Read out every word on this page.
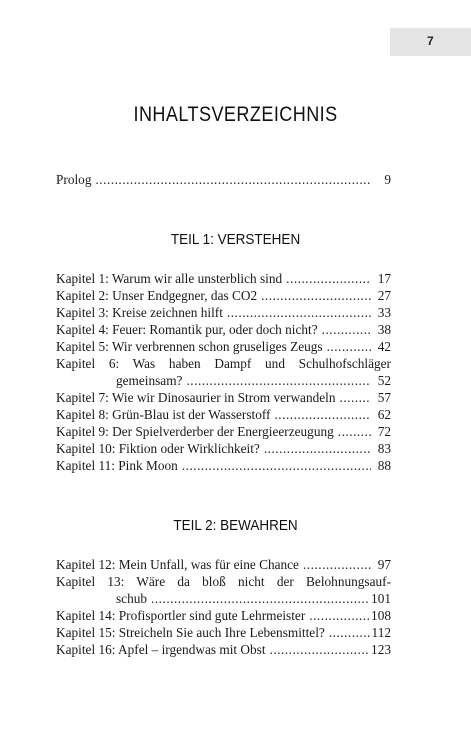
7
INHALTSVERZEICHNIS
Prolog .....	9
TEIL 1: VERSTEHEN
Kapitel 1: Warum wir alle unsterblich sind .....	17
Kapitel 2: Unser Endgegner, das CO2 .....	27
Kapitel 3: Kreise zeichnen hilft .....	33
Kapitel 4: Feuer: Romantik pur, oder doch nicht? .....	38
Kapitel 5: Wir verbrennen schon gruseliges Zeugs .....	42
Kapitel 6: Was haben Dampf und Schulhofschläger
gemeinsam? .....	52
Kapitel 7: Wie wir Dinosaurier in Strom verwandeln .....	57
Kapitel 8: Grün-Blau ist der Wasserstoff .....	62
Kapitel 9: Der Spielverderber der Energieerzeugung .....	72
Kapitel 10: Fiktion oder Wirklichkeit? .....	83
Kapitel 11: Pink Moon .....	88
TEIL 2: BEWAHREN
Kapitel 12: Mein Unfall, was für eine Chance .....	97
Kapitel 13: Wäre da bloß nicht der Belohnungsauf-
schub .....	101
Kapitel 14: Profisportler sind gute Lehrmeister .....	108
Kapitel 15: Streicheln Sie auch Ihre Lebensmittel? .....	112
Kapitel 16: Apfel – irgendwas mit Obst .....	123
